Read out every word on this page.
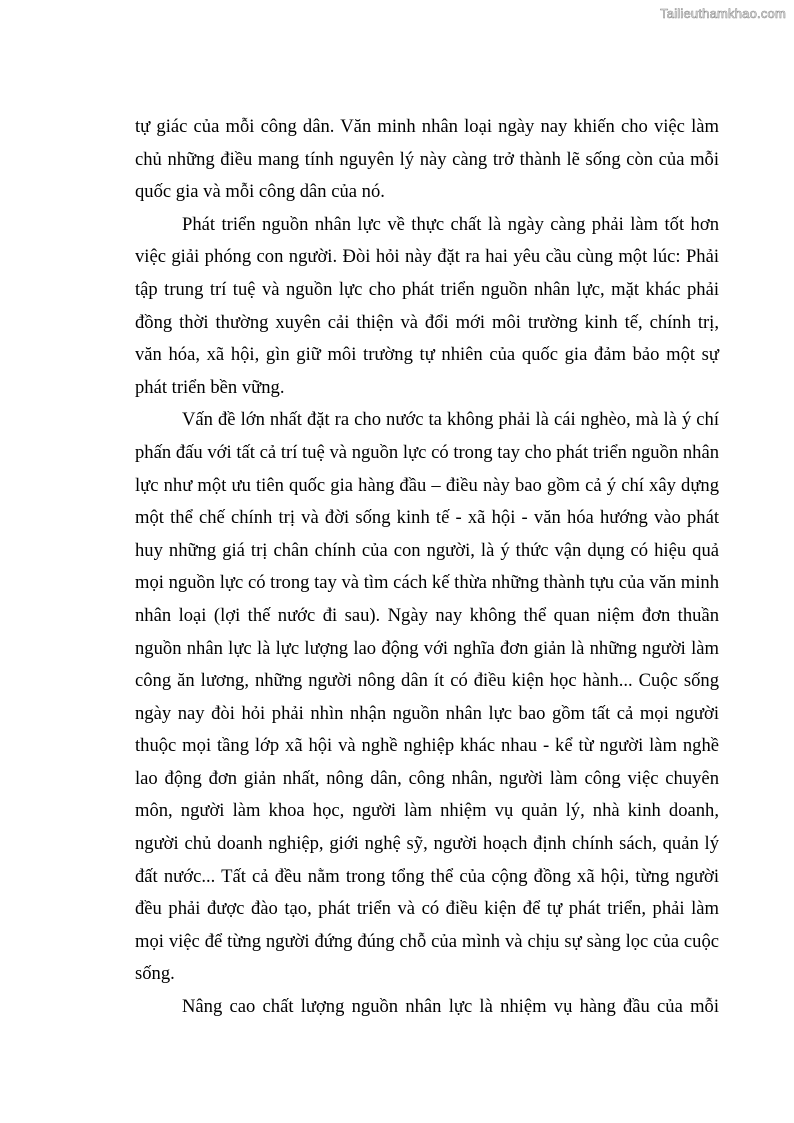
Tailieuthamkhao.com
tự giác của mỗi công dân. Văn minh nhân loại ngày nay khiến cho việc làm
chủ những điều mang tính nguyên lý này càng trở thành lẽ sống còn của mỗi
quốc gia và mỗi công dân của nó.
Phát triển nguồn nhân lực về thực chất là ngày càng phải làm tốt hơn
việc giải phóng con người. Đòi hỏi này đặt ra hai yêu cầu cùng một lúc: Phải
tập trung trí tuệ và nguồn lực cho phát triển nguồn nhân lực, mặt khác phải
đồng thời thường xuyên cải thiện và đổi mới môi trường kinh tế, chính trị,
văn hóa, xã hội, gìn giữ môi trường tự nhiên của quốc gia đảm bảo một sự
phát triển bền vững.
Vấn đề lớn nhất đặt ra cho nước ta không phải là cái nghèo, mà là ý chí
phấn đấu với tất cả trí tuệ và nguồn lực có trong tay cho phát triển nguồn nhân
lực như một ưu tiên quốc gia hàng đầu – điều này bao gồm cả ý chí xây dựng
một thể chế chính trị và đời sống kinh tế - xã hội - văn hóa hướng vào phát
huy những giá trị chân chính của con người, là ý thức vận dụng có hiệu quả
mọi nguồn lực có trong tay và tìm cách kế thừa những thành tựu của văn minh
nhân loại (lợi thế nước đi sau). Ngày nay không thể quan niệm đơn thuần
nguồn nhân lực là lực lượng lao động với nghĩa đơn giản là những người làm
công ăn lương, những người nông dân ít có điều kiện học hành... Cuộc sống
ngày nay đòi hỏi phải nhìn nhận nguồn nhân lực bao gồm tất cả mọi người
thuộc mọi tầng lớp xã hội và nghề nghiệp khác nhau - kể từ người làm nghề
lao động đơn giản nhất, nông dân, công nhân, người làm công việc chuyên
môn, người làm khoa học, người làm nhiệm vụ quản lý, nhà kinh doanh,
người chủ doanh nghiệp, giới nghệ sỹ, người hoạch định chính sách, quản lý
đất nước... Tất cả đều nằm trong tổng thể của cộng đồng xã hội, từng người
đều phải được đào tạo, phát triển và có điều kiện để tự phát triển, phải làm
mọi việc để từng người đứng đúng chỗ của mình và chịu sự sàng lọc của cuộc
sống.
Nâng cao chất lượng nguồn nhân lực là nhiệm vụ hàng đầu của mỗi
